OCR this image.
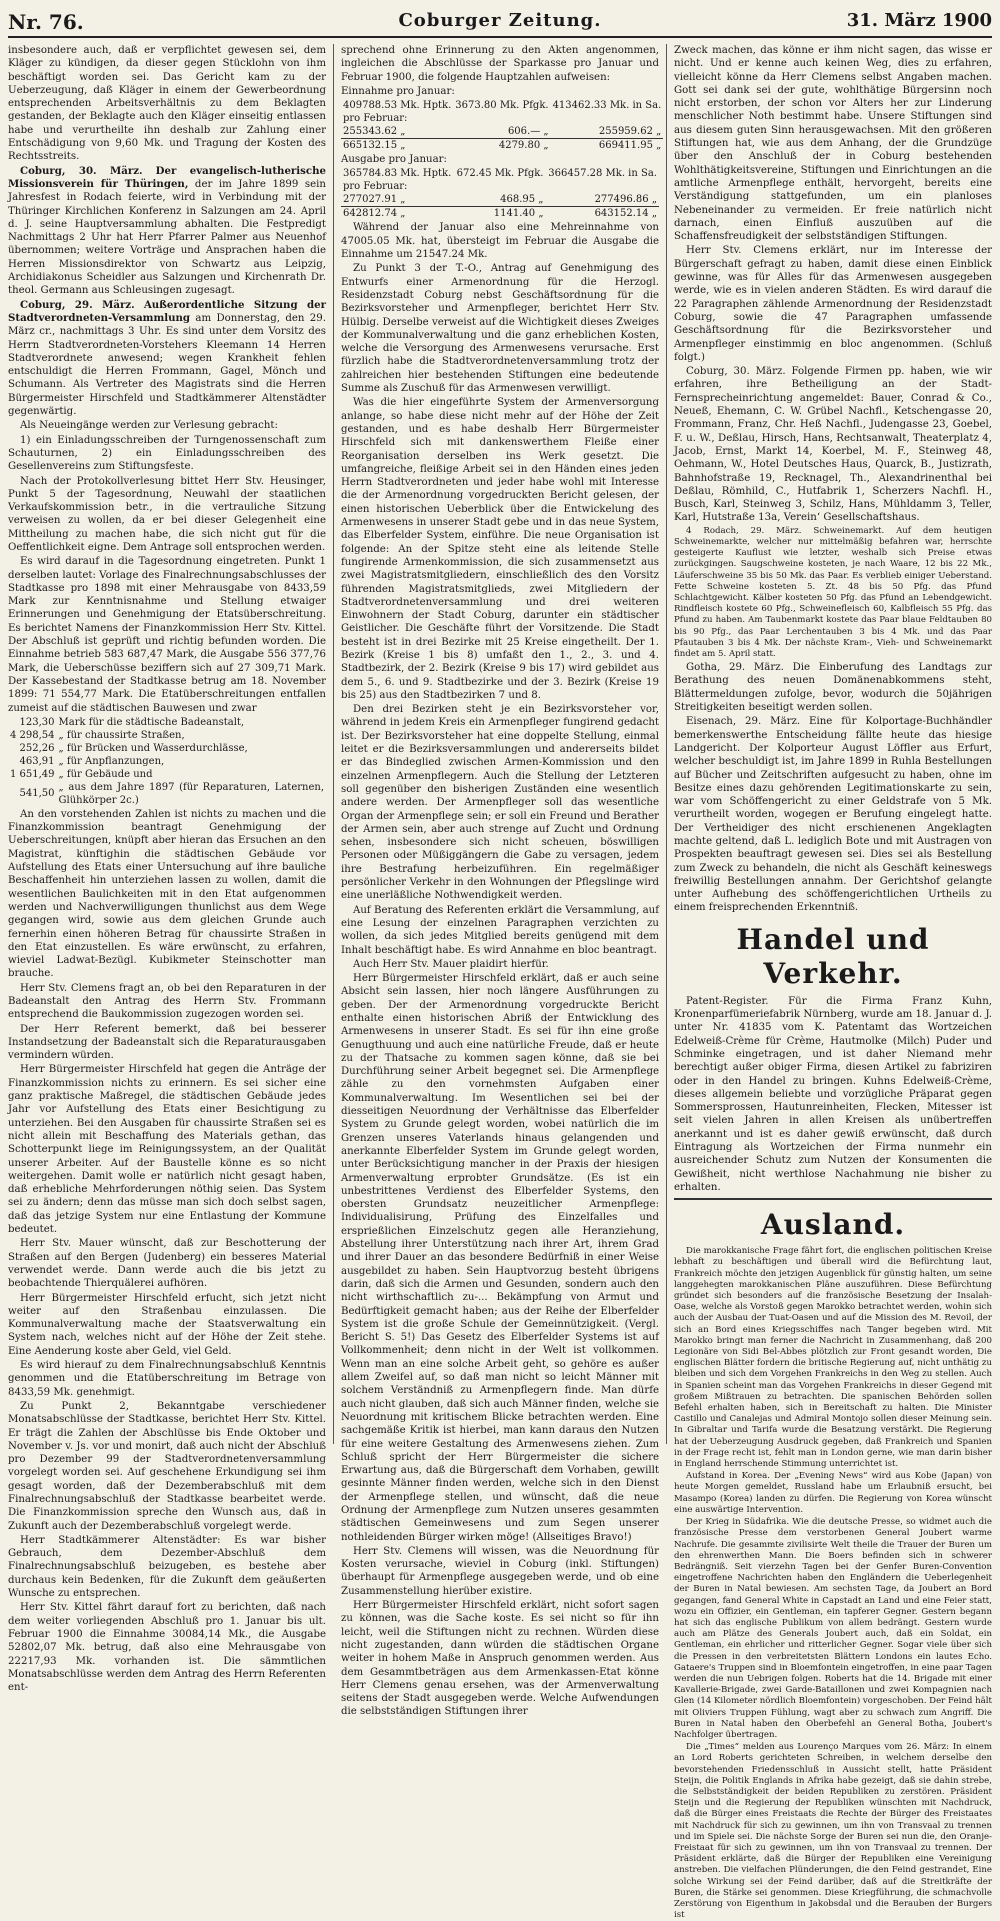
Nr. 76.	Coburger Zeitung.	31. März 1900

insbesondere auch, daß er verpflichtet gewesen sei, dem Kläger zu kündigen, da dieser gegen Stücklohn von ihm beschäftigt worden sei. Das Gericht kam zu der Ueberzeugung, daß Kläger in einem der Gewerbeordnung entsprechenden Arbeitsverhältnis zu dem Beklagten gestanden, der Beklagte auch den Kläger einseitig entlassen habe und verurtheilte ihn deshalb zur Zahlung einer Entschädigung von 9,60 Mk. und Tragung der Kosten des Rechtsstreits.

Coburg, 30. März. Der evangelisch-lutherische Missionsverein für Thüringen, der im Jahre 1899 sein Jahresfest in Rodach feierte, wird in Verbindung mit der Thüringer Kirchlichen Konferenz in Salzungen am 24. April d. J. seine Hauptversammlung abhalten. Die Festpredigt Nachmittags 2 Uhr hat Herr Pfarrer Palmer aus Neuenhof übernommen; weitere Vorträge und Ansprachen haben die Herren Missionsdirektor von Schwartz aus Leipzig, Archidiakonus Scheidler aus Salzungen und Kirchenrath Dr. theol. Germann aus Schleusingen zugesagt.

Coburg, 29. März. Außerordentliche Sitzung der Stadtverordneten-Versammlung am Donnerstag, den 29. März cr., nachmittags 3 Uhr. Es sind unter dem Vorsitz des Herrn Stadtverordneten-Vorstehers Kleemann 14 Herren Stadtverordnete anwesend; wegen Krankheit fehlen entschuldigt die Herren Frommann, Gagel, Mönch und Schumann. Als Vertreter des Magistrats sind die Herren Bürgermeister Hirschfeld und Stadtkämmerer Altenstädter gegenwärtig.

Als Neueingänge werden zur Verlesung gebracht:

1) ein Einladungsschreiben der Turngenossenschaft zum Schauturnen, 2) ein Einladungsschreiben des Gesellenvereins zum Stiftungsfeste.

Nach der Protokollverlesung bittet Herr Stv. Heusinger, Punkt 5 der Tagesordnung, Neuwahl der staatlichen Verkaufskommission betr., in die vertrauliche Sitzung verweisen zu wollen, da er bei dieser Gelegenheit eine Mittheilung zu machen habe, die sich nicht gut für die Oeffentlichkeit eigne. Dem Antrage soll entsprochen werden.

Es wird darauf in die Tagesordnung eingetreten. Punkt 1 derselben lautet: Vorlage des Finalrechnungsabschlusses der Stadtkasse pro 1898 mit einer Mehrausgabe von 8433,59 Mark zur Kenntnisnahme und Stellung etwaiger Erinnerungen und Genehmigung der Etatsüberschreitung. Es berichtet Namens der Finanzkommission Herr Stv. Kittel. Der Abschluß ist geprüft und richtig befunden worden. Die Einnahme betrieb 583 687,47 Mark, die Ausgabe 556 377,76 Mark, die Ueberschüsse beziffern sich auf 27 309,71 Mark. Der Kassebestand der Stadtkasse betrug am 18. November 1899: 71 554,77 Mark. Die Etatüberschreitungen entfallen zumeist auf die städtischen Bauwesen und zwar

123,30	Mark für die städtische Badeanstalt,
4 298,54	„ für chaussirte Straßen,
252,26	„ für Brücken und Wasserdurchlässe,
463,91	„ für Anpflanzungen,
1 651,49	„ für Gebäude und
541,50	„ aus dem Jahre 1897 (für Reparaturen, Laternen, Glühkörper 2c.)

An den vorstehenden Zahlen ist nichts zu machen und die Finanzkommission beantragt Genehmigung der Ueberschreitungen, knüpft aber hieran das Ersuchen an den Magistrat, künftighin die städtischen Gebäude vor Aufstellung des Etats einer Untersuchung auf ihre bauliche Beschaffenheit hin unterziehen lassen zu wollen, damit die wesentlichen Baulichkeiten mit in den Etat aufgenommen werden und Nachverwilligungen thunlichst aus dem Wege gegangen wird, sowie aus dem gleichen Grunde auch fernerhin einen höheren Betrag für chaussirte Straßen in den Etat einzustellen. Es wäre erwünscht, zu erfahren, wieviel Ladwat-Bezügl. Kubikmeter Steinschotter man brauche.

Herr Stv. Clemens fragt an, ob bei den Reparaturen in der Badeanstalt den Antrag des Herrn Stv. Frommann entsprechend die Baukommission zugezogen worden sei.

Der Herr Referent bemerkt, daß bei besserer Instandsetzung der Badeanstalt sich die Reparaturausgaben vermindern würden.

Herr Bürgermeister Hirschfeld hat gegen die Anträge der Finanzkommission nichts zu erinnern. Es sei sicher eine ganz praktische Maßregel, die städtischen Gebäude jedes Jahr vor Aufstellung des Etats einer Besichtigung zu unterziehen. Bei den Ausgaben für chaussirte Straßen sei es nicht allein mit Beschaffung des Materials gethan, das Schotterpunkt liege im Reinigungssystem, an der Qualität unserer Arbeiter. Auf der Baustelle könne es so nicht weitergehen. Damit wolle er natürlich nicht gesagt haben, daß erhebliche Mehrforderungen nöthig seien. Das System sei zu ändern; denn das müsse man sich doch selbst sagen, daß das jetzige System nur eine Entlastung der Kommune bedeutet.

Herr Stv. Mauer wünscht, daß zur Beschotterung der Straßen auf den Bergen (Judenberg) ein besseres Material verwendet werde. Dann werde auch die bis jetzt zu beobachtende Thierquälerei aufhören.

Herr Bürgermeister Hirschfeld erfucht, sich jetzt nicht weiter auf den Straßenbau einzulassen. Die Kommunalverwaltung mache der Staatsverwaltung ein System nach, welches nicht auf der Höhe der Zeit stehe. Eine Aenderung koste aber Geld, viel Geld.

Es wird hierauf zu dem Finalrechnungsabschluß Kenntnis genommen und die Etatüberschreitung im Betrage von 8433,59 Mk. genehmigt.

Zu Punkt 2, Bekanntgabe verschiedener Monatsabschlüsse der Stadtkasse, berichtet Herr Stv. Kittel. Er trägt die Zahlen der Abschlüsse bis Ende Oktober und November v. Js. vor und monirt, daß auch nicht der Abschluß pro Dezember 99 der Stadtverordnetenversammlung vorgelegt worden sei. Auf geschehene Erkundigung sei ihm gesagt worden, daß der Dezemberabschluß mit dem Finalrechnungsabschluß der Stadtkasse bearbeitet werde. Die Finanzkommission spreche den Wunsch aus, daß in Zukunft auch der Dezemberabschluß vorgelegt werde.

Herr Stadtkämmerer Altenstädter: Es war bisher Gebrauch, dem Dezember-Abschluß dem Finalrechnungsabschluß beizugeben, es bestehe aber durchaus kein Bedenken, für die Zukunft dem geäußerten Wunsche zu entsprechen.

Herr Stv. Kittel fährt darauf fort zu berichten, daß nach dem weiter vorliegenden Abschluß pro 1. Januar bis ult. Februar 1900 die Einnahme 30084,14 Mk., die Ausgabe 52802,07 Mk. betrug, daß also eine Mehrausgabe von 22217,93 Mk. vorhanden ist. Die sämmtlichen Monatsabschlüsse werden dem Antrag des Herrn Referenten ent-

sprechend ohne Erinnerung zu den Akten angenommen, ingleichen die Abschlüsse der Sparkasse pro Januar und Februar 1900, die folgende Hauptzahlen aufweisen:

Einnahme pro Januar:

409788.53 Mk. Hptk.	3673.80 Mk. Pfgk.	413462.33 Mk. in Sa.
pro Februar:		
255343.62 „	606.— „	255959.62 „
665132.15 „	4279.80 „	669411.95 „

Ausgabe pro Januar:

365784.83 Mk. Hptk.	672.45 Mk. Pfgk.	366457.28 Mk. in Sa.
pro Februar:		
277027.91 „	468.95 „	277496.86 „
642812.74 „	1141.40 „	643152.14 „

Während der Januar also eine Mehreinnahme von 47005.05 Mk. hat, übersteigt im Februar die Ausgabe die Einnahme um 21547.24 Mk.

Zu Punkt 3 der T.-O., Antrag auf Genehmigung des Entwurfs einer Armenordnung für die Herzogl. Residenzstadt Coburg nebst Geschäftsordnung für die Bezirksvorsteher und Armenpfleger, berichtet Herr Stv. Hülbig. Derselbe verweist auf die Wichtigkeit dieses Zweiges der Kommunalverwaltung und die ganz erheblichen Kosten, welche die Versorgung des Armenwesens verursache. Erst fürzlich habe die Stadtverordnetenversammlung trotz der zahlreichen hier bestehenden Stiftungen eine bedeutende Summe als Zuschuß für das Armenwesen verwilligt.

Was die hier eingeführte System der Armenversorgung anlange, so habe diese nicht mehr auf der Höhe der Zeit gestanden, und es habe deshalb Herr Bürgermeister Hirschfeld sich mit dankenswerthem Fleiße einer Reorganisation derselben ins Werk gesetzt. Die umfangreiche, fleißige Arbeit sei in den Händen eines jeden Herrn Stadtverordneten und jeder habe wohl mit Interesse die der Armenordnung vorgedruckten Bericht gelesen, der einen historischen Ueberblick über die Entwickelung des Armenwesens in unserer Stadt gebe und in das neue System, das Elberfelder System, einführe. Die neue Organisation ist folgende: An der Spitze steht eine als leitende Stelle fungirende Armenkommission, die sich zusammensetzt aus zwei Magistratsmitgliedern, einschließlich des den Vorsitz führenden Magistratsmitglieds, zwei Mitgliedern der Stadtverordnetenversammlung und drei weiteren Einwohnern der Stadt Coburg, darunter ein städtischer Geistlicher. Die Geschäfte führt der Vorsitzende. Die Stadt besteht ist in drei Bezirke mit 25 Kreise eingetheilt. Der 1. Bezirk (Kreise 1 bis 8) umfaßt den 1., 2., 3. und 4. Stadtbezirk, der 2. Bezirk (Kreise 9 bis 17) wird gebildet aus dem 5., 6. und 9. Stadtbezirke und der 3. Bezirk (Kreise 19 bis 25) aus den Stadtbezirken 7 und 8.

Den drei Bezirken steht je ein Bezirksvorsteher vor, während in jedem Kreis ein Armenpfleger fungirend gedacht ist. Der Bezirksvorsteher hat eine doppelte Stellung, einmal leitet er die Bezirksversammlungen und andererseits bildet er das Bindeglied zwischen Armen-Kommission und den einzelnen Armenpflegern. Auch die Stellung der Letzteren soll gegenüber den bisherigen Zuständen eine wesentlich andere werden. Der Armenpfleger soll das wesentliche Organ der Armenpflege sein; er soll ein Freund und Berather der Armen sein, aber auch strenge auf Zucht und Ordnung sehen, insbesondere sich nicht scheuen, böswilligen Personen oder Müßiggängern die Gabe zu versagen, jedem ihre Bestrafung herbeizuführen. Ein regelmäßiger persönlicher Verkehr in den Wohnungen der Pflegslinge wird eine unerläßliche Nothwendigkeit werden.

Auf Beratung des Referenten erklärt die Versammlung, auf eine Lesung der einzelnen Paragraphen verzichten zu wollen, da sich jedes Mitglied bereits genügend mit dem Inhalt beschäftigt habe. Es wird Annahme en bloc beantragt.

Auch Herr Stv. Mauer plaidirt hierfür.

Herr Bürgermeister Hirschfeld erklärt, daß er auch seine Absicht sein lassen, hier noch längere Ausführungen zu geben. Der der Armenordnung vorgedruckte Bericht enthalte einen historischen Abriß der Entwicklung des Armenwesens in unserer Stadt. Es sei für ihn eine große Genugthuung und auch eine natürliche Freude, daß er heute zu der Thatsache zu kommen sagen könne, daß sie bei Durchführung seiner Arbeit begegnet sei. Die Armenpflege zähle zu den vornehmsten Aufgaben einer Kommunalverwaltung. Im Wesentlichen sei bei der diesseitigen Neuordnung der Verhältnisse das Elberfelder System zu Grunde gelegt worden, wobei natürlich die im Grenzen unseres Vaterlands hinaus gelangenden und anerkannte Elberfelder System im Grunde gelegt worden, unter Berücksichtigung mancher in der Praxis der hiesigen Armenverwaltung erprobter Grundsätze. (Es ist ein unbestrittenes Verdienst des Elberfelder Systems, den obersten Grundsatz neuzeitlicher Armenpflege: Individualisirung, Prüfung des Einzelfalles und ersprießlichen Einzelschutz gegen alle Heranziehung, Abstellung ihrer Unterstützung nach ihrer Art, ihrem Grad und ihrer Dauer an das besondere Bedürfniß in einer Weise ausgebildet zu haben. Sein Hauptvorzug besteht übrigens darin, daß sich die Armen und Gesunden, sondern auch den nicht wirthschaftlich zu-... Bekämpfung von Armut und Bedürftigkeit gemacht haben; aus der Reihe der Elberfelder System ist die große Schule der Gemeinnützigkeit. (Vergl. Bericht S. 5!) Das Gesetz des Elberfelder Systems ist auf Vollkommenheit; denn nicht in der Welt ist vollkommen. Wenn man an eine solche Arbeit geht, so gehöre es außer allem Zweifel auf, so daß man nicht so leicht Männer mit solchem Verständniß zu Armenpflegern finde. Man dürfe auch nicht glauben, daß sich auch Männer finden, welche sie Neuordnung mit kritischem Blicke betrachten werden. Eine sachgemäße Kritik ist hierbei, man kann daraus den Nutzen für eine weitere Gestaltung des Armenwesens ziehen. Zum Schluß spricht der Herr Bürgermeister die sichere Erwartung aus, daß die Bürgerschaft dem Vorhaben, gewillt gesinnte Männer finden werden, welche sich in den Dienst der Armenpflege stellen, und wünscht, daß die neue Ordnung der Armenpflege zum Nutzen unseres gesammten städtischen Gemeinwesens und zum Segen unserer nothleidenden Bürger wirken möge! (Allseitiges Bravo!)

Herr Stv. Clemens will wissen, was die Neuordnung für Kosten verursache, wieviel in Coburg (inkl. Stiftungen) überhaupt für Armenpflege ausgegeben werde, und ob eine Zusammenstellung hierüber existire.

Herr Bürgermeister Hirschfeld erklärt, nicht sofort sagen zu können, was die Sache koste. Es sei nicht so für ihn leicht, weil die Stiftungen nicht zu rechnen. Würden diese nicht zugestanden, dann würden die städtischen Organe weiter in hohem Maße in Anspruch genommen werden. Aus dem Gesammtbeträgen aus dem Armenkassen-Etat könne Herr Clemens genau ersehen, was der Armenverwaltung seitens der Stadt ausgegeben werde. Welche Aufwendungen die selbstständigen Stiftungen ihrer

Zweck machen, das könne er ihm nicht sagen, das wisse er nicht. Und er kenne auch keinen Weg, dies zu erfahren, vielleicht könne da Herr Clemens selbst Angaben machen. Gott sei dank sei der gute, wohlthätige Bürgersinn noch nicht erstorben, der schon vor Alters her zur Linderung menschlicher Noth bestimmt habe. Unsere Stiftungen sind aus diesem guten Sinn herausgewachsen. Mit den größeren Stiftungen hat, wie aus dem Anhang, der die Grundzüge über den Anschluß der in Coburg bestehenden Wohlthätigkeitsvereine, Stiftungen und Einrichtungen an die amtliche Armenpflege enthält, hervorgeht, bereits eine Verständigung stattgefunden, um ein planloses Nebeneinander zu vermeiden. Er freie natürlich nicht darnach, einen Einfluß auszuüben auf die Schaffensfreudigkeit der selbstständigen Stiftungen.

Herr Stv. Clemens erklärt, nur im Interesse der Bürgerschaft gefragt zu haben, damit diese einen Einblick gewinne, was für Alles für das Armenwesen ausgegeben werde, wie es in vielen anderen Städten. Es wird darauf die 22 Paragraphen zählende Armenordnung der Residenzstadt Coburg, sowie die 47 Paragraphen umfassende Geschäftsordnung für die Bezirksvorsteher und Armenpfleger einstimmig en bloc angenommen. (Schluß folgt.)

Coburg, 30. März. Folgende Firmen pp. haben, wie wir erfahren, ihre Betheiligung an der Stadt-Fernsprecheinrichtung angemeldet: Bauer, Conrad & Co., Neueß, Ehemann, C. W. Grübel Nachfl., Ketschengasse 20, Frommann, Franz, Chr. Heß Nachfl., Judengasse 23, Goebel, F. u. W., Deßlau, Hirsch, Hans, Rechtsanwalt, Theaterplatz 4, Jacob, Ernst, Markt 14, Koerbel, M. F., Steinweg 48, Oehmann, W., Hotel Deutsches Haus, Quarck, B., Justizrath, Bahnhofstraße 19, Recknagel, Th., Alexandrinenthal bei Deßlau, Römhild, C., Hutfabrik 1, Scherzers Nachfl. H., Busch, Karl, Steinweg 3, Schilz, Hans, Mühldamm 3, Teller, Karl, Hutstraße 13a, Verein‘ Gesellschaftshaus.

4 Rodach, 29. März. Schweinemarkt. Auf dem heutigen Schweinemarkte, welcher nur mittelmäßig befahren war, herrschte gesteigerte Kauflust wie letzter, weshalb sich Preise etwas zurückgingen. Saugschweine kosteten, je nach Waare, 12 bis 22 Mk., Läuferschweine 35 bis 50 Mk. das Paar. Es verblieb einiger Ueberstand. Fette Schweine kosteten 5. Zt. 48 bis 50 Pfg. das Pfund Schlachtgewicht. Kälber kosteten 50 Pfg. das Pfund an Lebendgewicht. Rindfleisch kostete 60 Pfg., Schweinefleisch 60, Kalbfleisch 55 Pfg. das Pfund zu haben. Am Taubenmarkt kostete das Paar blaue Feldtauben 80 bis 90 Pfg., das Paar Lerchentauben 3 bis 4 Mk. und das Paar Pfautauben 3 bis 4 Mk. Der nächste Kram-, Vieh- und Schweinemarkt findet am 5. April statt.

Gotha, 29. März. Die Einberufung des Landtags zur Berathung des neuen Domänenabkommens steht, Blättermeldungen zufolge, bevor, wodurch die 50jährigen Streitigkeiten beseitigt werden sollen.

Eisenach, 29. März. Eine für Kolportage-Buchhändler bemerkenswerthe Entscheidung fällte heute das hiesige Landgericht. Der Kolporteur August Löffler aus Erfurt, welcher beschuldigt ist, im Jahre 1899 in Ruhla Bestellungen auf Bücher und Zeitschriften aufgesucht zu haben, ohne im Besitze eines dazu gehörenden Legitimationskarte zu sein, war vom Schöffengericht zu einer Geldstrafe von 5 Mk. verurtheilt worden, wogegen er Berufung eingelegt hatte. Der Vertheidiger des nicht erschienenen Angeklagten machte geltend, daß L. lediglich Bote und mit Austragen von Prospekten beauftragt gewesen sei. Dies sei als Bestellung zum Zweck zu behandeln, die nicht als Geschäft keineswegs freiwillig Bestellungen annahm. Der Gerichtshof gelangte unter Aufhebung des schöffengerichtlichen Urtheils zu einem freisprechenden Erkenntniß.

Handel und Verkehr.

Patent-Register. Für die Firma Franz Kuhn, Kronenparfümeriefabrik Nürnberg, wurde am 18. Januar d. J. unter Nr. 41835 vom K. Patentamt das Wortzeichen Edelweiß-Crème für Crème, Hautmolke (Milch) Puder und Schminke eingetragen, und ist daher Niemand mehr berechtigt außer obiger Firma, diesen Artikel zu fabriziren oder in den Handel zu bringen. Kuhns Edelweiß-Crème, dieses allgemein beliebte und vorzügliche Präparat gegen Sommersprossen, Hautunreinheiten, Flecken, Mitesser ist seit vielen Jahren in allen Kreisen als unübertreffen anerkannt und ist es daher gewiß erwünscht, daß durch Eintragung als Wortzeichen der Firma nunmehr ein ausreichender Schutz zum Nutzen der Konsumenten die Gewißheit, nicht werthlose Nachahmung nie bisher zu erhalten.

Ausland.

Die marokkanische Frage fährt fort, die englischen politischen Kreise lebhaft zu beschäftigen und überall wird die Befürchtung laut, Frankreich möchte den jetzigen Augenblick für günstig halten, um seine langgehegten marokkanischen Pläne auszuführen. Diese Befürchtung gründet sich besonders auf die französische Besetzung der Insalah-Oase, welche als Vorstoß gegen Marokko betrachtet werden, wohin sich auch der Ausbau der Tuat-Oasen und auf die Mission des M. Revoil, der sich an Bord eines Kriegsschiffes nach Tanger begeben wird. Mit Marokko bringt man ferner die Nachricht in Zusammenhang, daß 200 Legionäre von Sidi Bel-Abbes plötzlich zur Front gesandt worden, Die englischen Blätter fordern die britische Regierung auf, nicht unthätig zu bleiben und sich dem Vorgehen Frankreichs in den Weg zu stellen. Auch in Spanien scheint man das Vorgehen Frankreichs in dieser Gegend mit großem Mißtrauen zu betrachten. Die spanischen Behörden sollen Befehl erhalten haben, sich in Bereitschaft zu halten. Die Minister Castillo und Canalejas und Admiral Montojo sollen dieser Meinung sein. In Gibraltar und Tarifa wurde die Besatzung verstärkt. Die Regierung hat der Ueberzeugung Ausdruck gegeben, daß Frankreich und Spanien in der Frage recht ist, fehlt man in London gerne, wie man darin bisher in England herrschende Stimmung unterrichtet ist.

Aufstand in Korea. Der „Evening News“ wird aus Kobe (Japan) von heute Morgen gemeldet, Russland habe um Erlaubniß ersucht, bei Masampo (Korea) landen zu dürfen. Die Regierung von Korea wünscht eine auswärtige Intervention.

Der Krieg in Südafrika. Wie die deutsche Presse, so widmet auch die französische Presse dem verstorbenen General Joubert warme Nachrufe. Die gesammte zivilisirte Welt theile die Trauer der Buren um den ehrenwerthen Mann. Die Boers befinden sich in schwerer Bedrängniß. Seit vierzehn Tagen bei der Genfer Buren-Convention eingetroffene Nachrichten haben den Engländern die Ueberlegenheit der Buren in Natal bewiesen. Am sechsten Tage, da Joubert an Bord gegangen, fand General White in Capstadt an Land und eine Feier statt, wozu ein Offizier, ein Gentleman, ein tapferer Gegner. Gestern begann hat sich das englische Publikum von allem bedrängt. Gestern wurde auch am Plätze des Generals Joubert auch, daß ein Soldat, ein Gentleman, ein ehrlicher und ritterlicher Gegner. Sogar viele über sich die Pressen in den verbreitetsten Blättern Londons ein lautes Echo. Gataere's Truppen sind in Bloemfontein eingetroffen, in eine paar Tagen werden die nun Uebrigen folgen. Roberts hat die 14. Brigade mit einer Kavallerie-Brigade, zwei Garde-Bataillonen und zwei Kompagnien nach Glen (14 Kilometer nördlich Bloemfontein) vorgeschoben. Der Feind hält mit Oliviers Truppen Fühlung, wagt aber zu schwach zum Angriff. Die Buren in Natal haben den Oberbefehl an General Botha, Joubert's Nachfolger übertragen.

Die „Times“ melden aus Lourenço Marques vom 26. März: In einem an Lord Roberts gerichteten Schreiben, in welchem derselbe den bevorstehenden Friedensschluß in Aussicht stellt, hatte Präsident Steijn, die Politik Englands in Afrika habe gezeigt, daß sie dahin strebe, die Selbstständigkeit der beiden Republiken zu zerstören. Präsident Steijn und die Regierung der Republiken wünschten mit Nachdruck, daß die Bürger eines Freistaats die Rechte der Bürger des Freistaates mit Nachdruck für sich zu gewinnen, um ihn von Transvaal zu trennen und im Spiele sei. Die nächste Sorge der Buren sei nun die, den Oranje-Freistaat für sich zu gewinnen, um ihn von Transvaal zu trennen. Der Präsident erklärte, daß die Bürger der Republiken eine Vereinigung anstreben. Die vielfachen Plünderungen, die den Feind gestrandet, Eine solche Wirkung sei der Feind darüber, daß auf die Streitkräfte der Buren, die Stärke sei genommen. Diese Kriegführung, die schmachvolle Zerstörung von Eigenthum in Jakobsdal und die Berauben der Burgers ist
